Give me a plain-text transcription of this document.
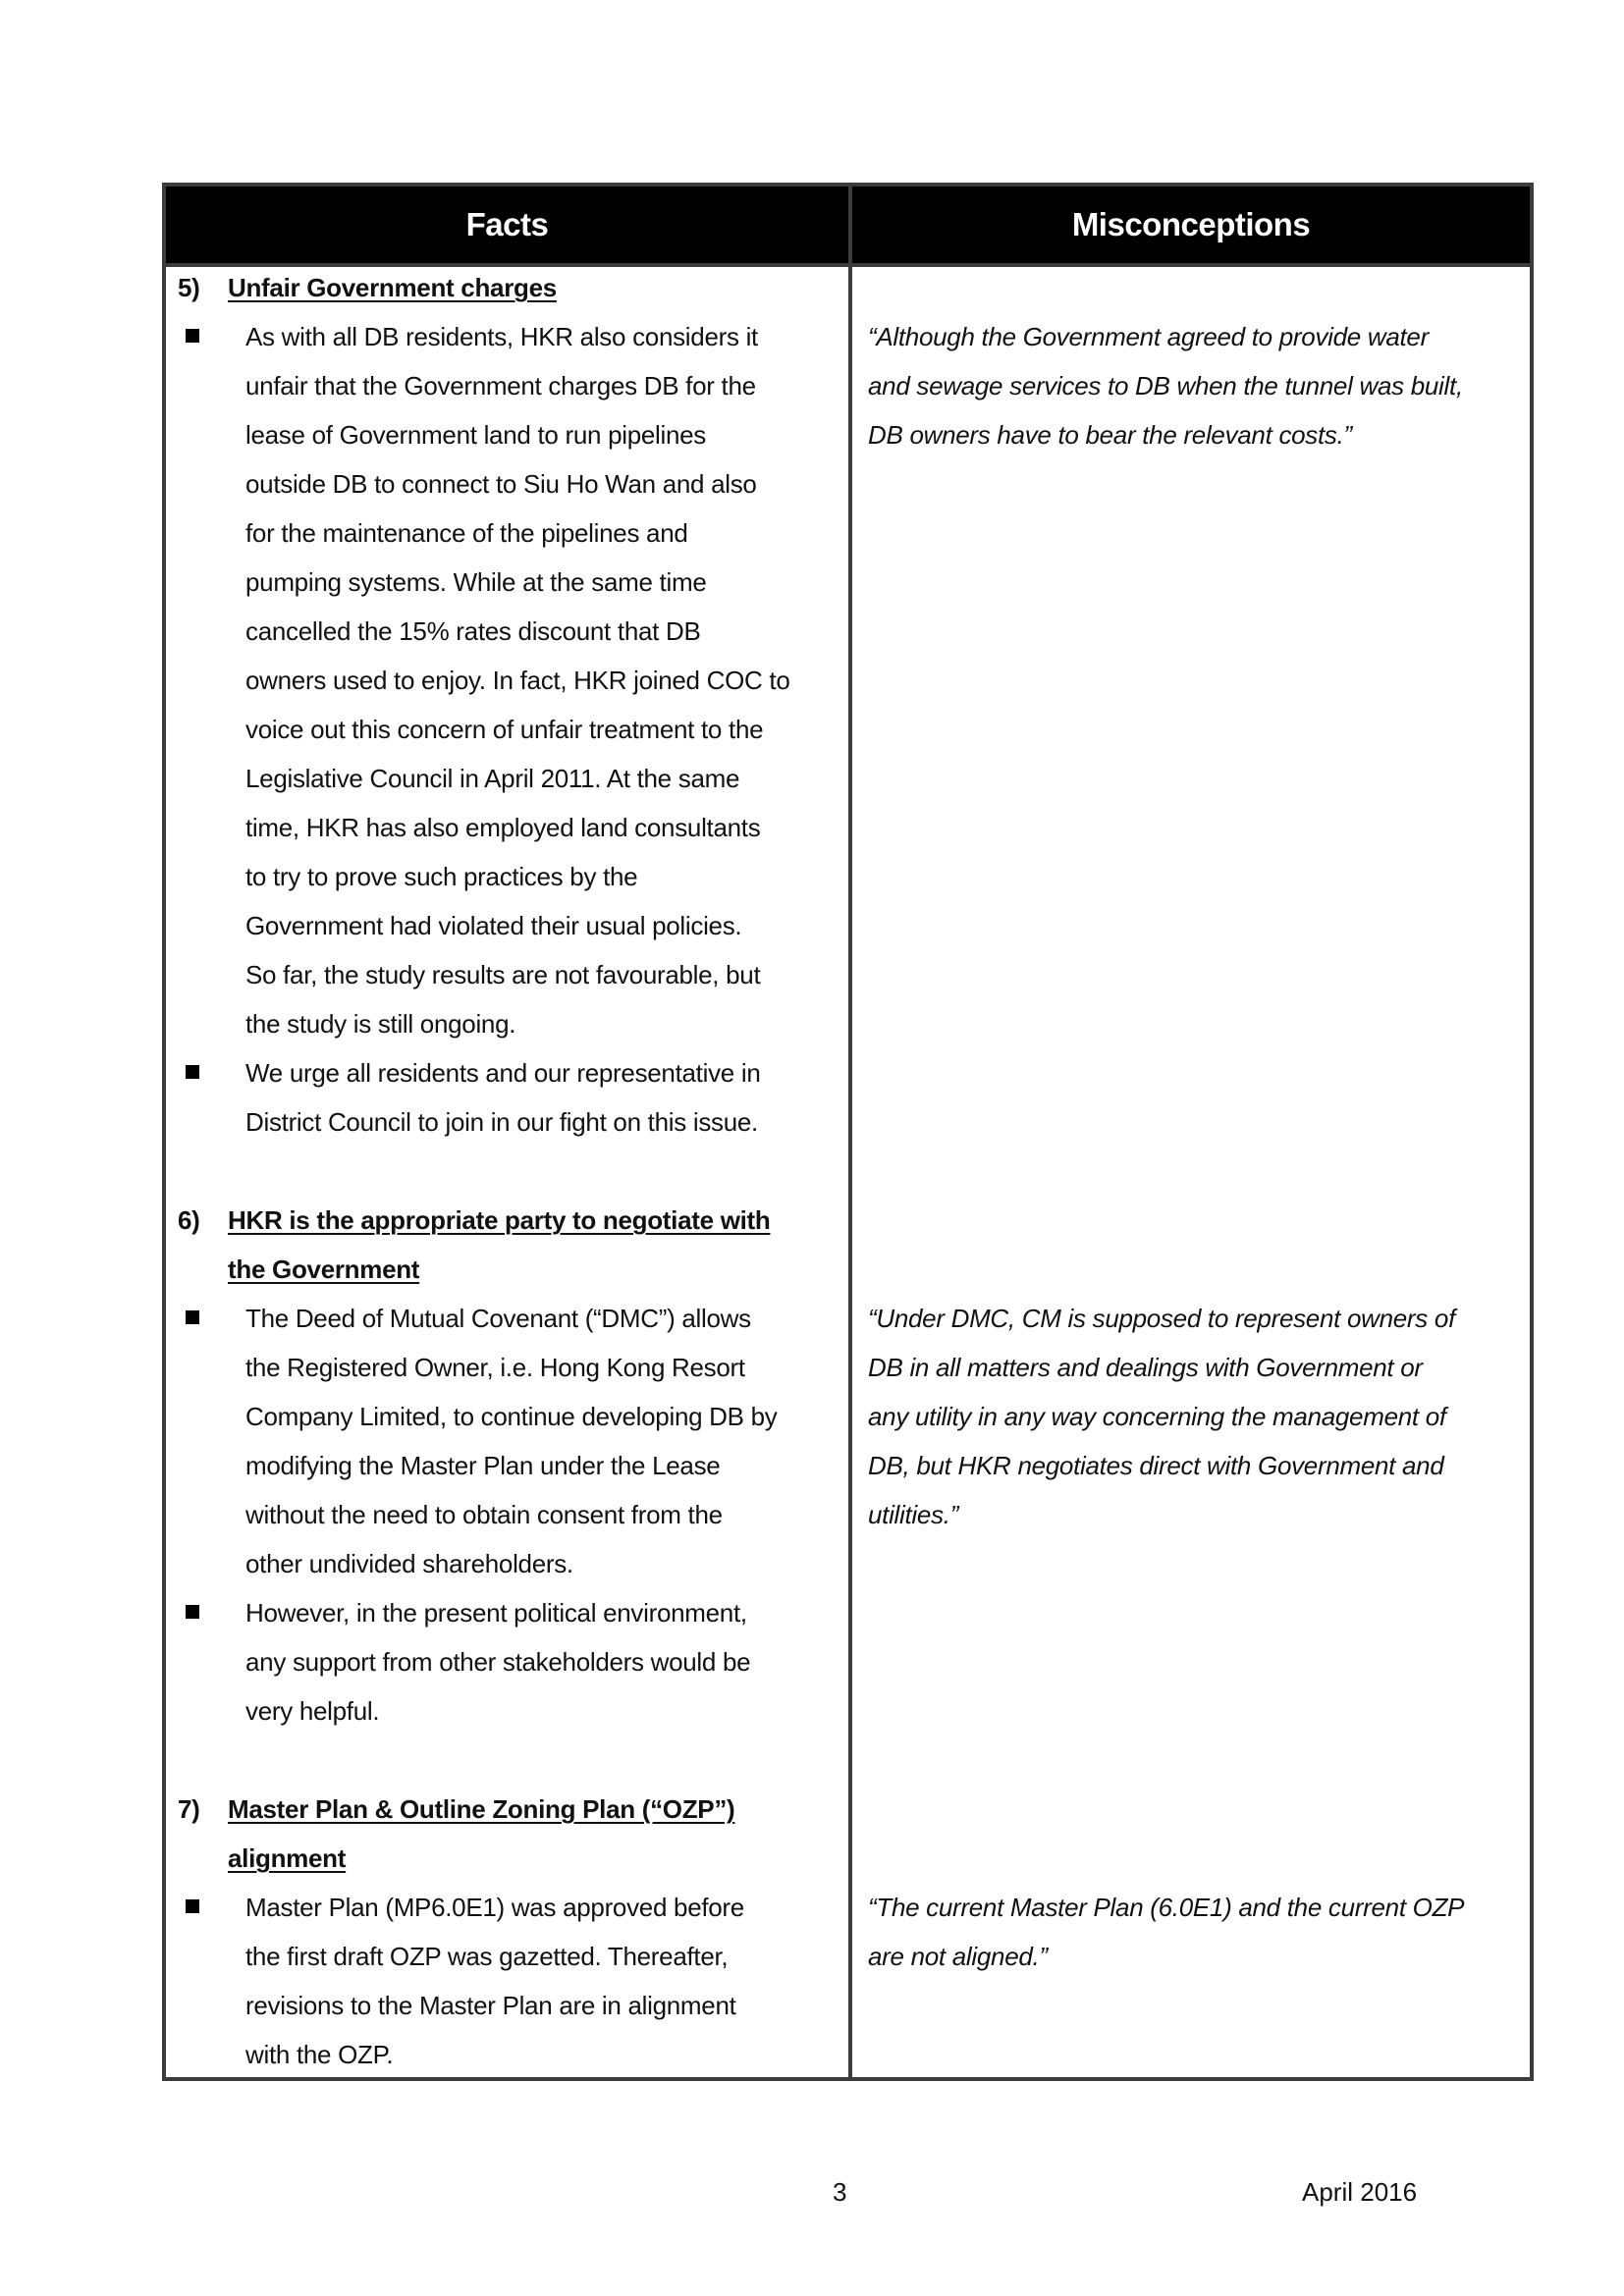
Facts	Misconceptions
5) Unfair Government charges
As with all DB residents, HKR also considers it
unfair that the Government charges DB for the
lease of Government land to run pipelines
outside DB to connect to Siu Ho Wan and also
for the maintenance of the pipelines and
pumping systems. While at the same time
cancelled the 15% rates discount that DB
owners used to enjoy. In fact, HKR joined COC to
voice out this concern of unfair treatment to the
Legislative Council in April 2011. At the same
time, HKR has also employed land consultants
to try to prove such practices by the
Government had violated their usual policies.
So far, the study results are not favourable, but
the study is still ongoing.
We urge all residents and our representative in
District Council to join in our fight on this issue.
6) HKR is the appropriate party to negotiate with
the Government
The Deed of Mutual Covenant (“DMC”) allows
the Registered Owner, i.e. Hong Kong Resort
Company Limited, to continue developing DB by
modifying the Master Plan under the Lease
without the need to obtain consent from the
other undivided shareholders.
However, in the present political environment,
any support from other stakeholders would be
very helpful.
7) Master Plan & Outline Zoning Plan (“OZP”)
alignment
Master Plan (MP6.0E1) was approved before
the first draft OZP was gazetted. Thereafter,
revisions to the Master Plan are in alignment
with the OZP.
“Although the Government agreed to provide water
and sewage services to DB when the tunnel was built,
DB owners have to bear the relevant costs.”
“Under DMC, CM is supposed to represent owners of
DB in all matters and dealings with Government or
any utility in any way concerning the management of
DB, but HKR negotiates direct with Government and
utilities.”
“The current Master Plan (6.0E1) and the current OZP
are not aligned.”
3	April 2016
